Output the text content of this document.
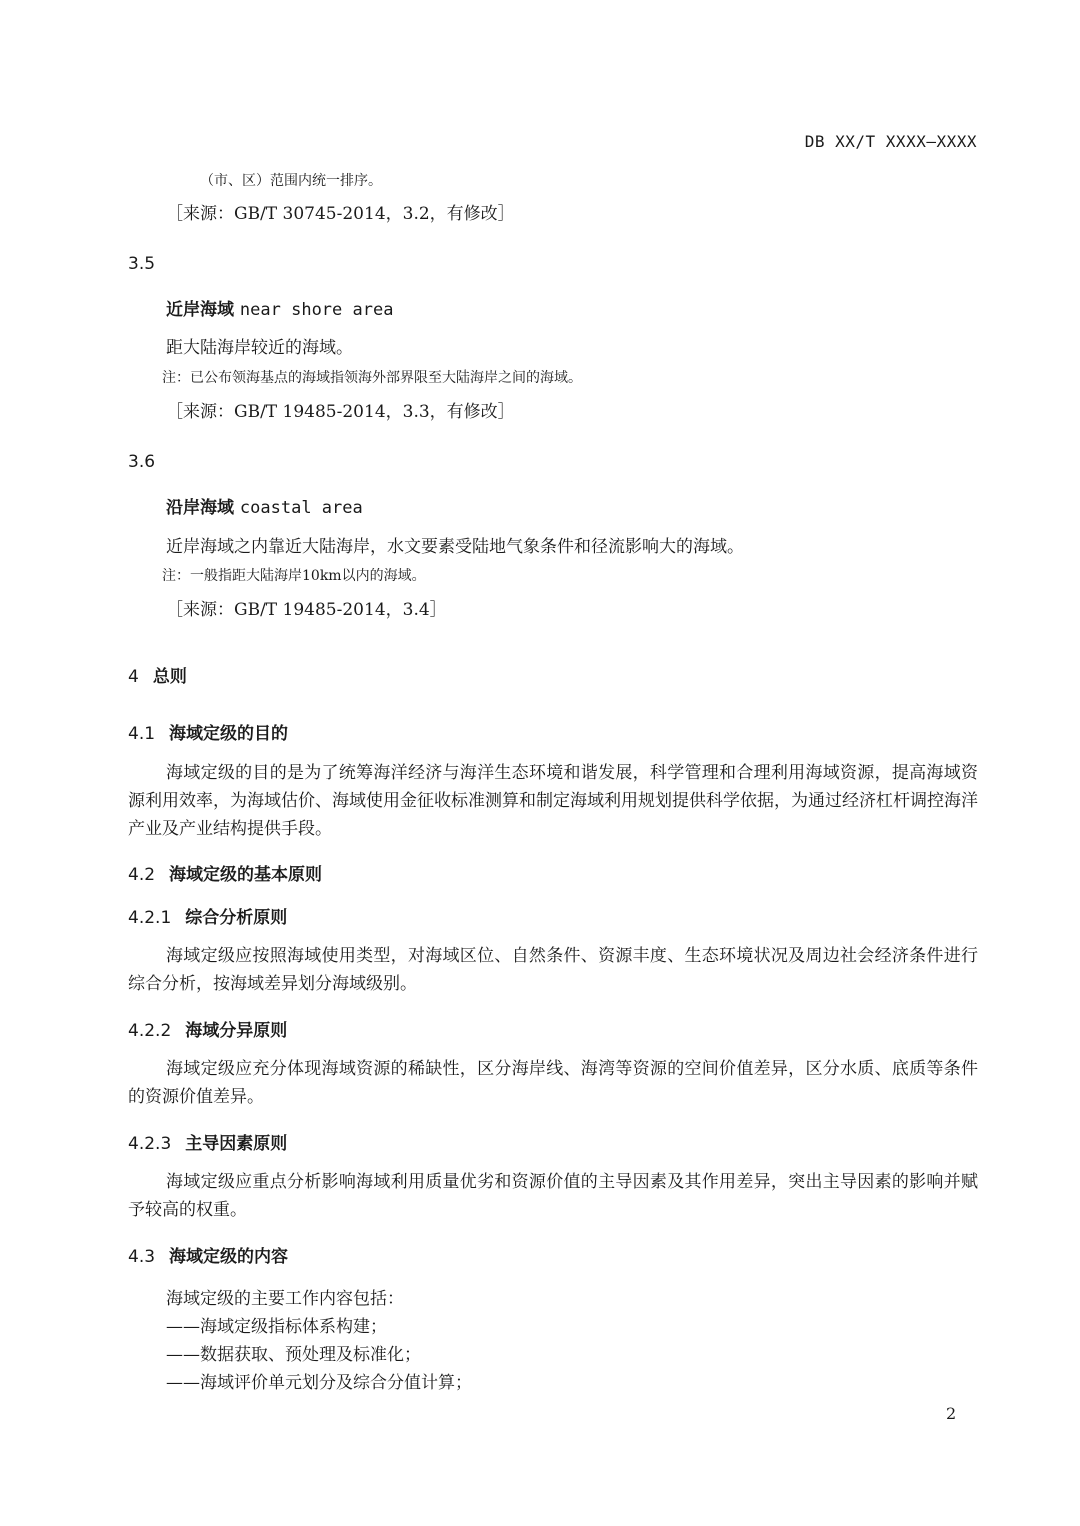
DB XX/T XXXX—XXXX
（市、区）范围内统一排序。
［来源：GB/T 30745-2014，3.2，有修改］
3.5
近岸海域 near shore area
距大陆海岸较近的海域。
注：已公布领海基点的海域指领海外部界限至大陆海岸之间的海域。
［来源：GB/T 19485-2014，3.3，有修改］
3.6
沿岸海域 coastal area
近岸海域之内靠近大陆海岸，水文要素受陆地气象条件和径流影响大的海域。
注：一般指距大陆海岸10km以内的海域。
［来源：GB/T 19485-2014，3.4］
4 总则
4.1 海域定级的目的
海域定级的目的是为了统筹海洋经济与海洋生态环境和谐发展，科学管理和合理利用海域资源，提高海域资源利用效率，为海域估价、海域使用金征收标准测算和制定海域利用规划提供科学依据，为通过经济杠杆调控海洋产业及产业结构提供手段。
4.2 海域定级的基本原则
4.2.1 综合分析原则
海域定级应按照海域使用类型，对海域区位、自然条件、资源丰度、生态环境状况及周边社会经济条件进行综合分析，按海域差异划分海域级别。
4.2.2 海域分异原则
海域定级应充分体现海域资源的稀缺性，区分海岸线、海湾等资源的空间价值差异，区分水质、底质等条件的资源价值差异。
4.2.3 主导因素原则
海域定级应重点分析影响海域利用质量优劣和资源价值的主导因素及其作用差异，突出主导因素的影响并赋予较高的权重。
4.3 海域定级的内容
海域定级的主要工作内容包括：
——海域定级指标体系构建；
——数据获取、预处理及标准化；
——海域评价单元划分及综合分值计算；
2
